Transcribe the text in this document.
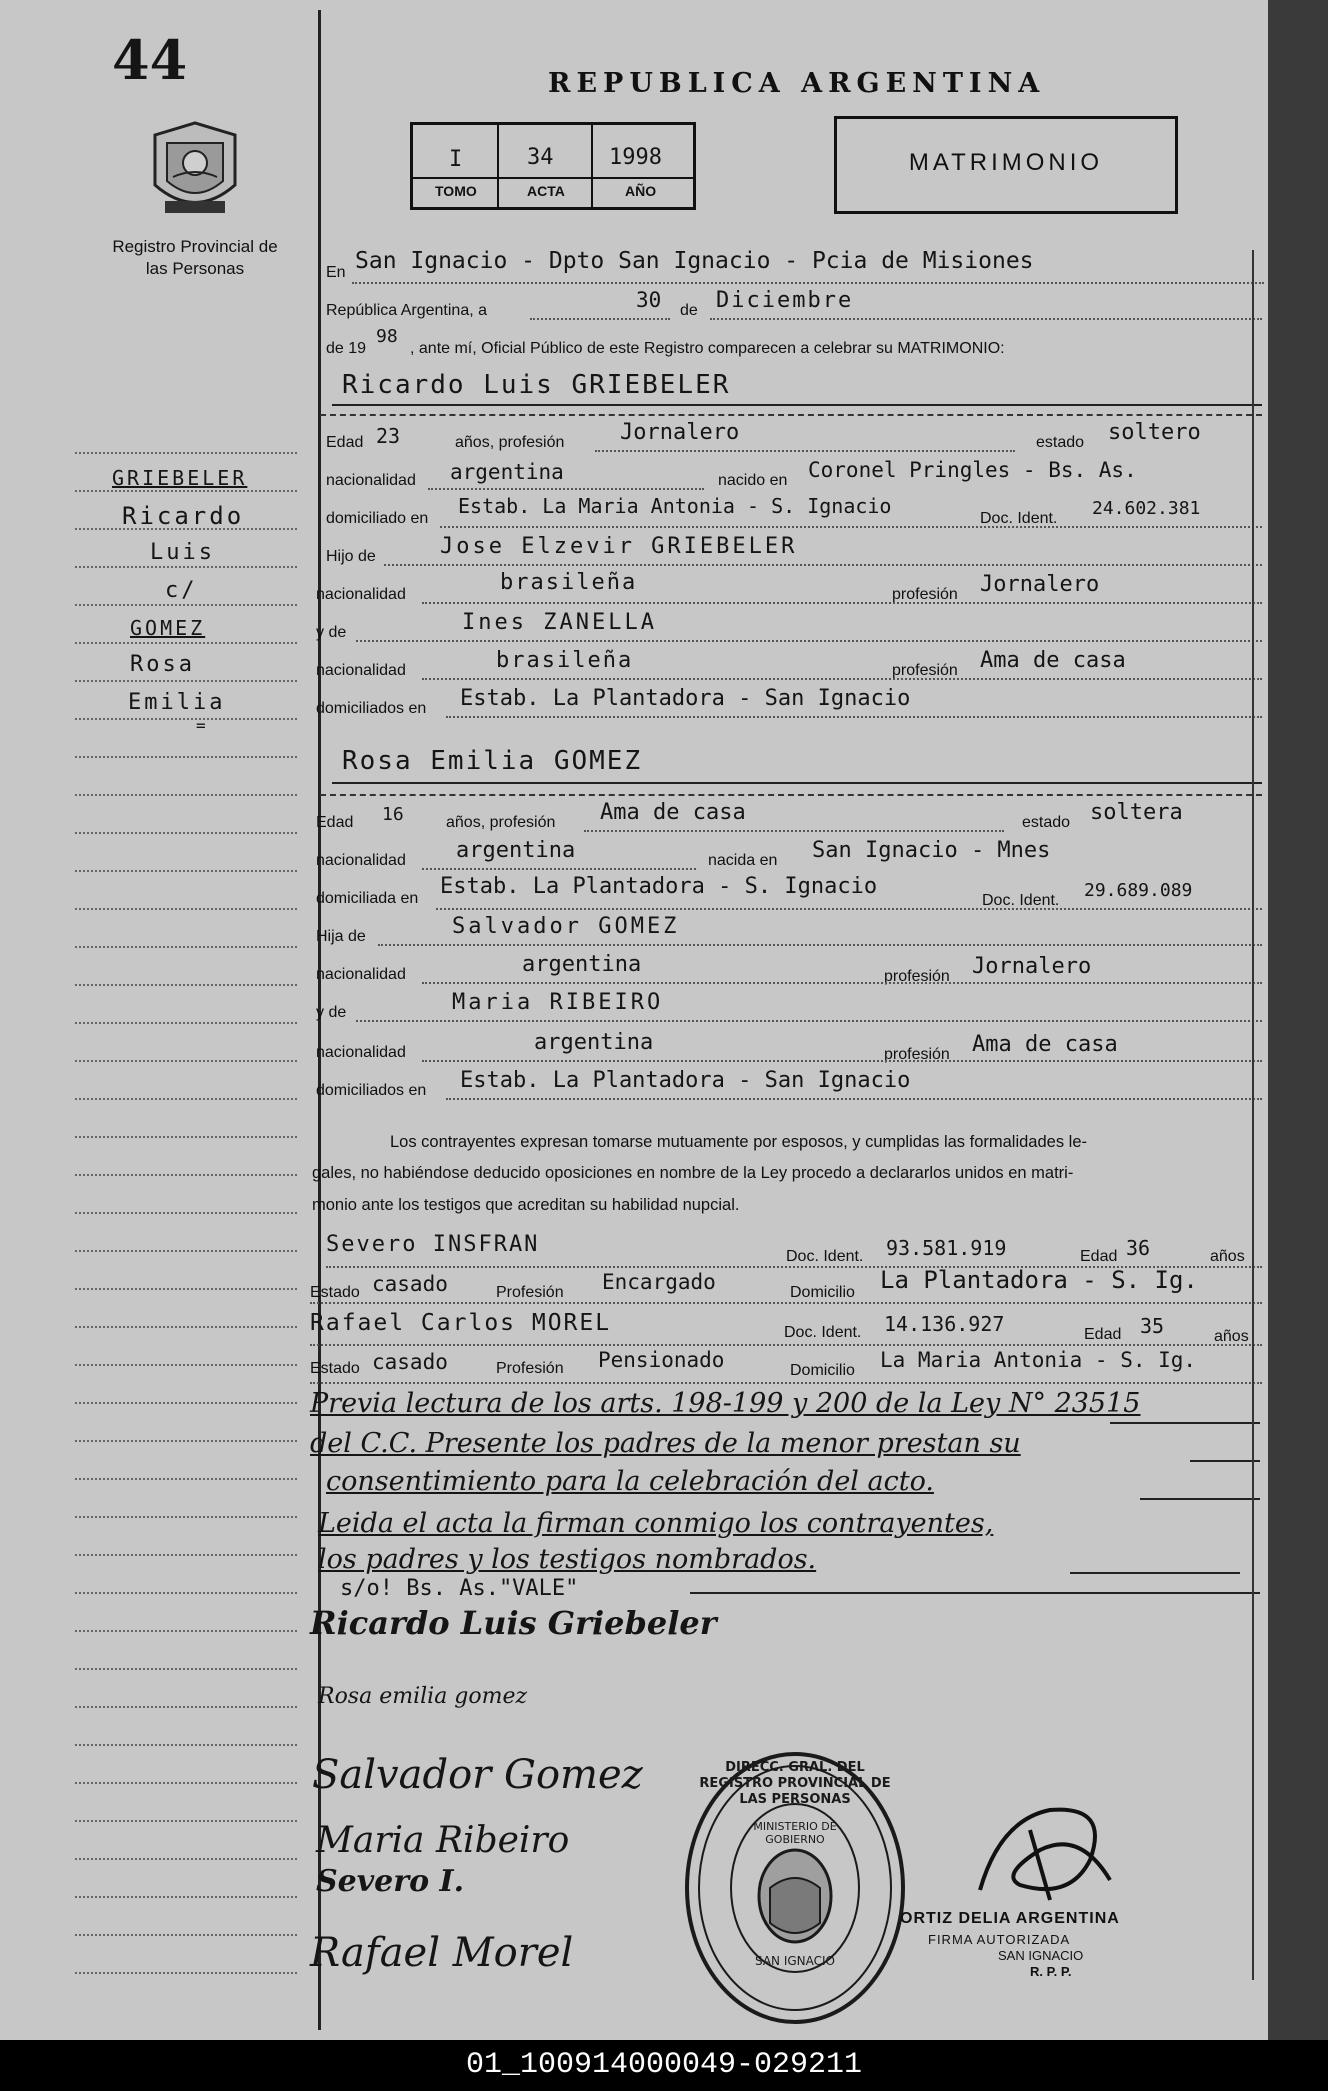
44
Registro Provincial de las Personas
GRIEBELER
Ricardo
Luis
c/
GOMEZ
Rosa
Emilia
=
REPUBLICA ARGENTINA
I	34	1998
TOMO	ACTA	AÑO
MATRIMONIO
En San Ignacio - Dpto San Ignacio - Pcia de Misiones
República Argentina, a	30 de Diciembre
de 19
98
, ante mí, Oficial Público de este Registro comparecen a celebrar su MATRIMONIO:
Ricardo Luis GRIEBELER
Edad 23	años, profesión	Jornalero	estado soltero
nacionalidad argentina	nacido en Coronel Pringles - Bs. As.
domiciliado en
Estab. La Maria Antonia - S. Ignacio
Doc. Ident. 24.602.381
Hijo de	Jose Elzevir GRIEBELER
nacionalidad	brasileña	profesión Jornalero
y de	Ines ZANELLA
nacionalidad	brasileña	profesión Ama de casa
domiciliados en Estab. La Plantadora - San Ignacio
Rosa Emilia GOMEZ
Edad 16	años, profesión Ama de casa	estado soltera
nacionalidad argentina	nacida en San Ignacio - Mnes
domiciliada en Estab. La Plantadora - S. Ignacio
Doc. Ident. 29.689.089
Hija de	Salvador GOMEZ
nacionalidad	argentina	profesión Jornalero
y de	Maria RIBEIRO
nacionalidad	argentina	profesión Ama de casa
domiciliados en Estab. La Plantadora - San Ignacio
Los contrayentes expresan tomarse mutuamente por esposos, y cumplidas las formalidades le-
gales, no habiéndose deducido oposiciones en nombre de la Ley procedo a declararlos unidos en matri-
monio ante los testigos que acreditan su habilidad nupcial.
Severo INSFRAN	Doc. Ident. 93.581.919	Edad 36	años
Estado casado	Profesión Encargado	Domicilio La Plantadora - S. Ig.
Rafael Carlos MOREL	Doc. Ident. 14.136.927	Edad 35	años
Estado casado	Profesión Pensionado	Domicilio La Maria Antonia - S. Ig.
Previa lectura de los arts. 198-199 y 200 de la Ley N° 23515
del C.C. Presente los padres de la menor prestan su
consentimiento para la celebración del acto.
Leida el acta la firman conmigo los contrayentes,
los padres y los testigos nombrados.
s/o! Bs. As."VALE"
Ricardo Luis Griebeler
Rosa emilia gomez
Salvador Gomez
Maria Ribeiro
Severo I.
Rafael Morel
DIRECC. GRAL. DEL REGISTRO PROVINCIAL DE LAS PERSONAS
MINISTERIO DE GOBIERNO
SAN IGNACIO
ORTIZ DELIA ARGENTINA
FIRMA AUTORIZADA
SAN IGNACIO
R. P. P.
01_100914000049-029211
